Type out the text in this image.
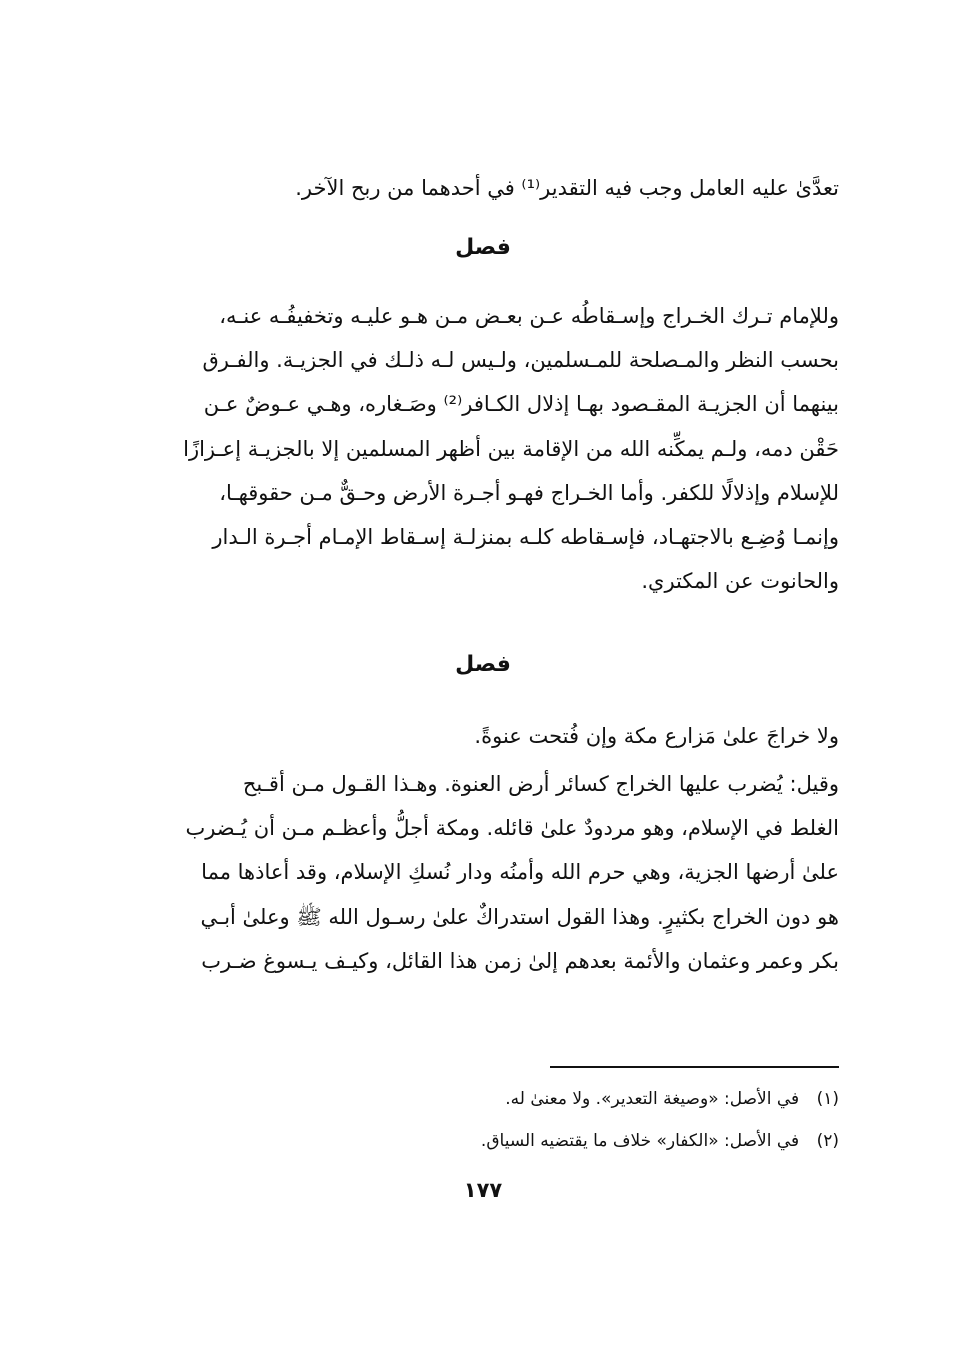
تعدَّىٰ عليه العامل وجب فيه التقدير⁽¹⁾ في أحدهما من ربح الآخر.
فصل
وللإمام تـرك الخـراج وإسـقاطُه عـن بعـض مـن هـو عليـه وتخفيفُـه عنـه،
بحسب النظر والمـصلحة للمـسلمين، ولـيس لـه ذلـك في الجزيـة. والفـرق
بينهما أن الجزيـة المقـصود بهـا إذلال الكـافر⁽²⁾ وصَـغاره، وهـي عـوضٌ عـن
حَقْن دمه، ولـم يمكِّنه الله من الإقامة بين أظهر المسلمين إلا بالجزيـة إعـزازًا
للإسلام وإذلالًا للكفر. وأما الخـراج فهـو أجـرة الأرض وحـقٌّ مـن حقوقهـا،
وإنمـا وُضِـع بالاجتهـاد، فإسـقاطه كلـه بمنزلـة إسـقاط الإمـام أجـرة الـدار
والحانوت عن المكتري.
فصل
ولا خراجَ علىٰ مَزارع مكة وإن فُتحت عنوةً.
وقيل: يُضرب عليها الخراج كسائر أرض العنوة. وهـذا القـول مـن أقـبح
الغلط في الإسلام، وهو مردودٌ علىٰ قائله. ومكة أجلُّ وأعظـم مـن أن يُـضرب
علىٰ أرضها الجزية، وهي حرم الله وأمنُه ودار نُسكِ الإسلام، وقد أعاذها مما
هو دون الخراج بكثيرٍ. وهذا القول استدراكٌ علىٰ رسـول الله ﷺ وعلىٰ أبـي
بكر وعمر وعثمان والأئمة بعدهم إلىٰ زمن هذا القائل، وكيـف يـسوغ ضـرب
(١) في الأصل: «وصيغة التعدير». ولا معنىٰ له.
(٢) في الأصل: «الكفار» خلاف ما يقتضيه السياق.
١٧٧
